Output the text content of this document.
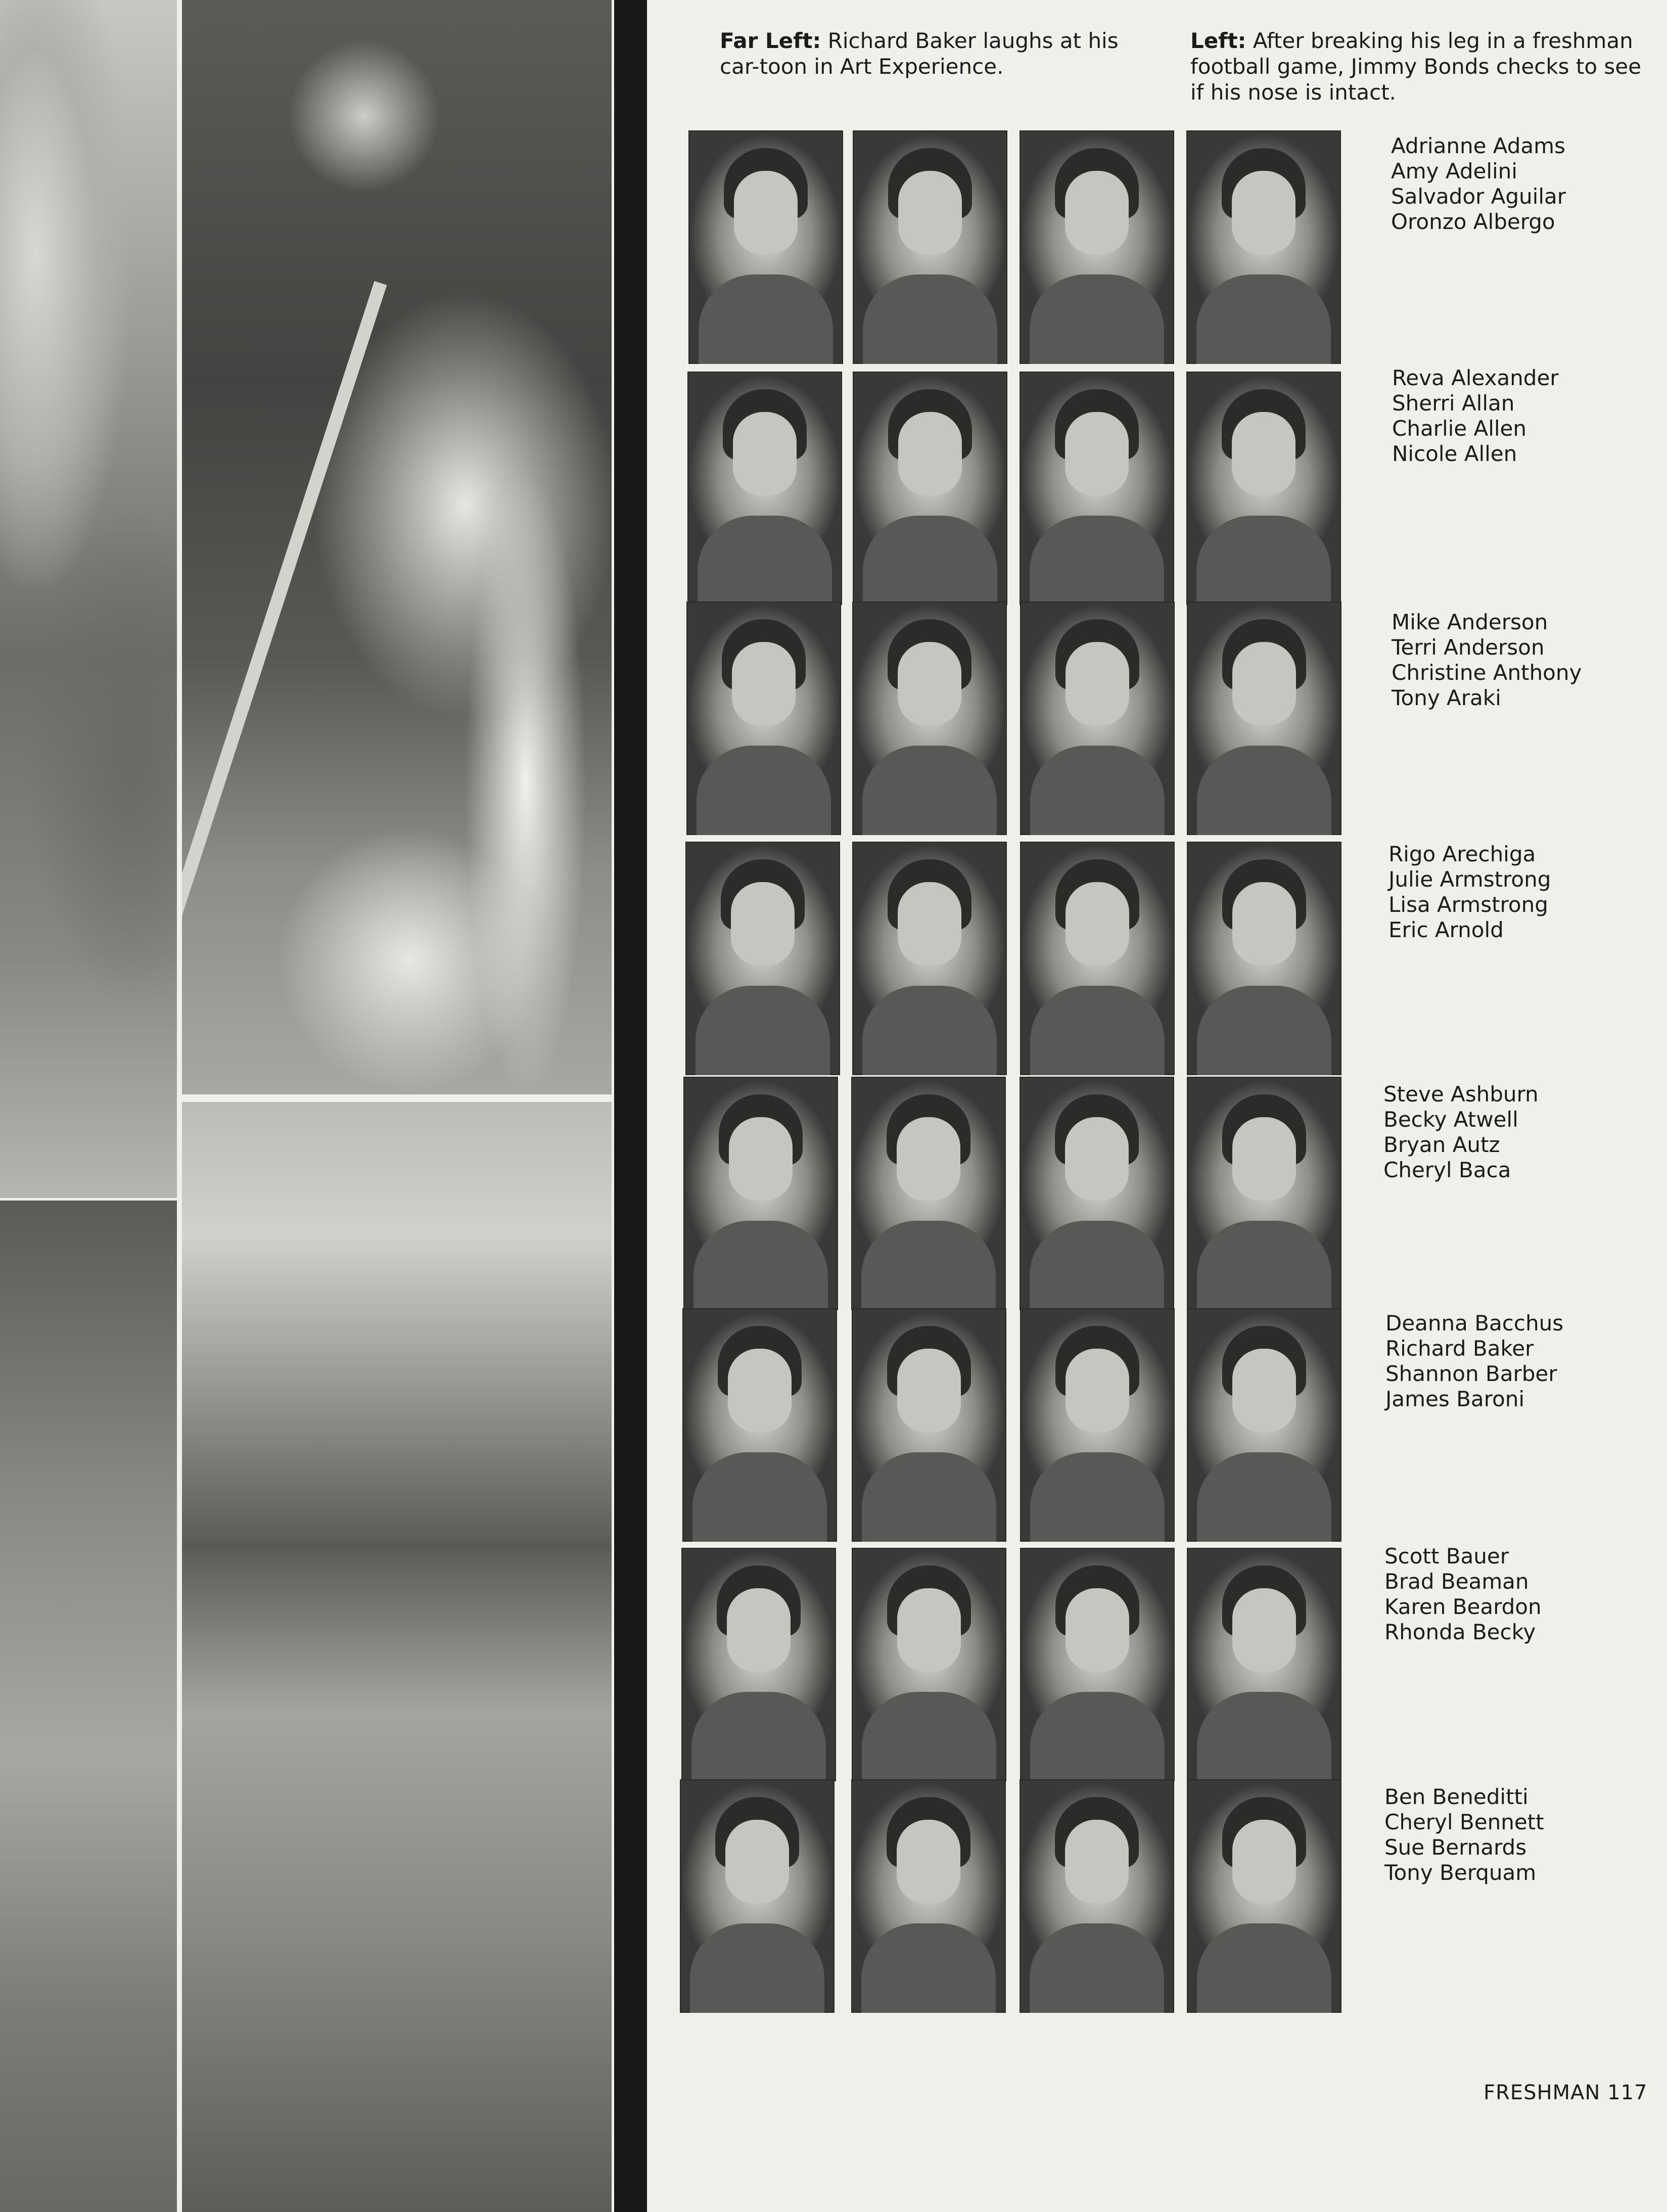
Far Left: Richard Baker laughs at his car-toon in Art Experience.
Left: After breaking his leg in a freshman football game, Jimmy Bonds checks to see if his nose is intact.
Adrianne Adams
Amy Adelini
Salvador Aguilar
Oronzo Albergo
Reva Alexander
Sherri Allan
Charlie Allen
Nicole Allen
Mike Anderson
Terri Anderson
Christine Anthony
Tony Araki
Rigo Arechiga
Julie Armstrong
Lisa Armstrong
Eric Arnold
Steve Ashburn
Becky Atwell
Bryan Autz
Cheryl Baca
Deanna Bacchus
Richard Baker
Shannon Barber
James Baroni
Scott Bauer
Brad Beaman
Karen Beardon
Rhonda Becky
Ben Beneditti
Cheryl Bennett
Sue Bernards
Tony Berquam
FRESHMAN 117
